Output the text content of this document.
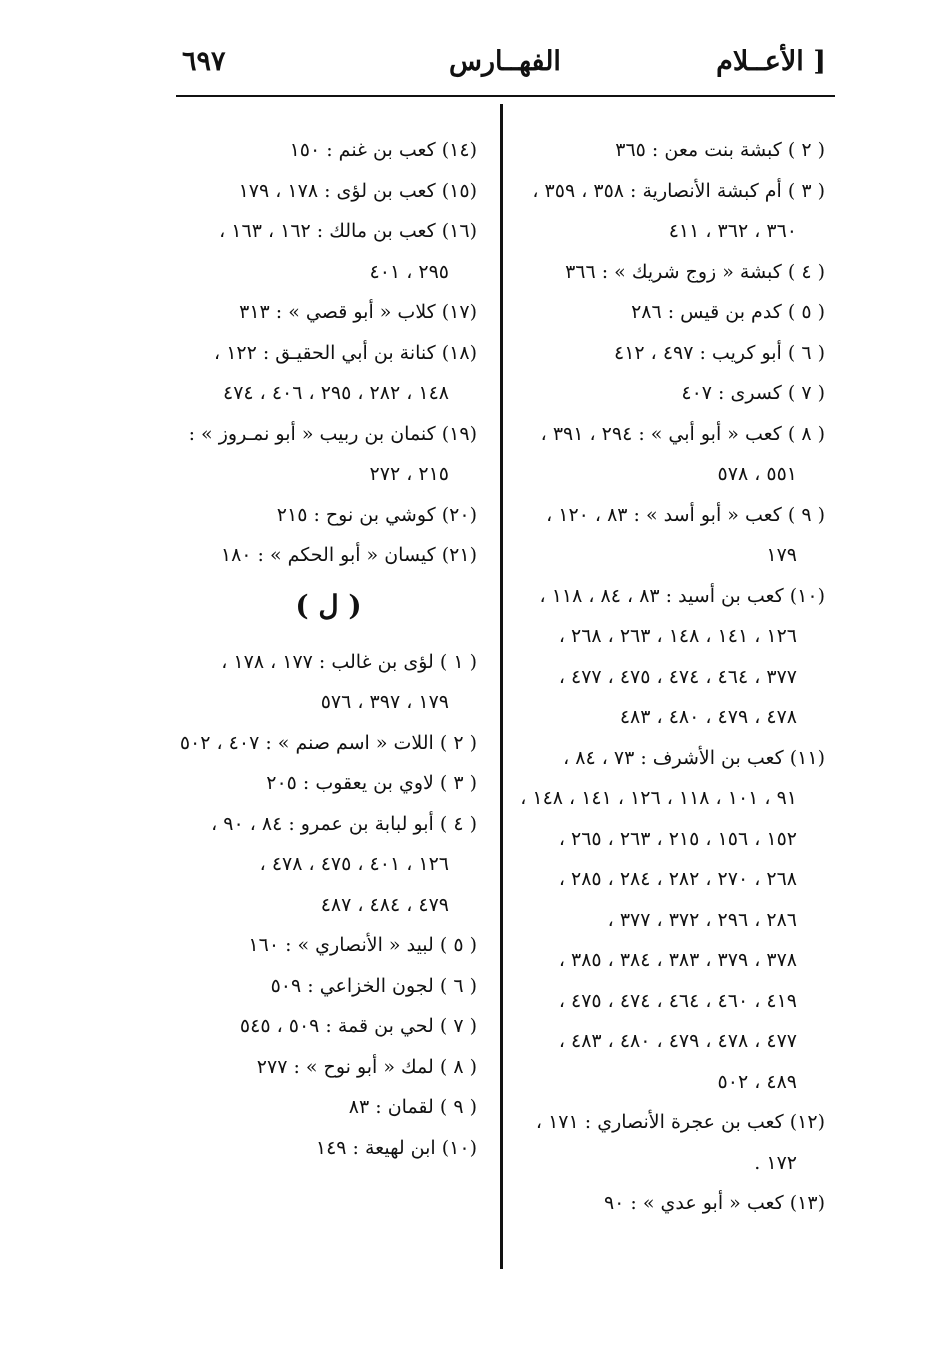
الأعــلام ]
الفهــارس
٦٩٧
( ٢ ) كبشة بنت معن : ٣٦٥
( ٣ ) أم كبشة الأنصارية : ٣٥٨ ، ٣٥٩ ،
٣٦٠ ، ٣٦٢ ، ٤١١
( ٤ ) كبشة « زوج شريك » : ٣٦٦
( ٥ ) كدم بن قيس : ٢٨٦
( ٦ ) أبو كريب : ٤٩٧ ، ٤١٢
( ٧ ) كسرى : ٤٠٧
( ٨ ) كعب « أبو أبي » : ٢٩٤ ، ٣٩١ ،
٥٥١ ، ٥٧٨
( ٩ ) كعب « أبو أسد » : ٨٣ ، ١٢٠ ،
١٧٩
(١٠) كعب بن أسيد : ٨٣ ، ٨٤ ، ١١٨ ،
١٢٦ ، ١٤١ ، ١٤٨ ، ٢٦٣ ، ٢٦٨ ،
٣٧٧ ، ٤٦٤ ، ٤٧٤ ، ٤٧٥ ، ٤٧٧ ،
٤٧٨ ، ٤٧٩ ، ٤٨٠ ، ٤٨٣
(١١) كعب بن الأشرف : ٧٣ ، ٨٤ ،
٩١ ، ١٠١ ، ١١٨ ، ١٢٦ ، ١٤١ ، ١٤٨ ،
١٥٢ ، ١٥٦ ، ٢١٥ ، ٢٦٣ ، ٢٦٥ ،
٢٦٨ ، ٢٧٠ ، ٢٨٢ ، ٢٨٤ ، ٢٨٥ ،
٢٨٦ ، ٢٩٦ ، ٣٧٢ ، ٣٧٧ ،
٣٧٨ ، ٣٧٩ ، ٣٨٣ ، ٣٨٤ ، ٣٨٥ ،
٤١٩ ، ٤٦٠ ، ٤٦٤ ، ٤٧٤ ، ٤٧٥ ،
٤٧٧ ، ٤٧٨ ، ٤٧٩ ، ٤٨٠ ، ٤٨٣ ،
٤٨٩ ، ٥٠٢
(١٢) كعب بن عجرة الأنصاري : ١٧١ ،
١٧٢ .
(١٣) كعب « أبو عدي » : ٩٠
(١٤) كعب بن غنم : ١٥٠
(١٥) كعب بن لؤى : ١٧٨ ، ١٧٩
(١٦) كعب بن مالك : ١٦٢ ، ١٦٣ ،
٢٩٥ ، ٤٠١
(١٧) كلاب « أبو قصي » : ٣١٣
(١٨) كنانة بن أبي الحقيـق : ١٢٢ ،
١٤٨ ، ٢٨٢ ، ٢٩٥ ، ٤٠٦ ، ٤٧٤
(١٩) كنمان بن ربيب « أبو نمـروز » :
٢١٥ ، ٢٧٢
(٢٠) كوشي بن نوح : ٢١٥
(٢١) كيسان « أبو الحكم » : ١٨٠
( ل )
( ١ ) لؤى بن غالب : ١٧٧ ، ١٧٨ ،
١٧٩ ، ٣٩٧ ، ٥٧٦
( ٢ ) اللات « اسم صنم » : ٤٠٧ ، ٥٠٢
( ٣ ) لاوي بن يعقوب : ٢٠٥
( ٤ ) أبو لبابة بن عمرو : ٨٤ ، ٩٠ ،
١٢٦ ، ٤٠١ ، ٤٧٥ ، ٤٧٨ ،
٤٧٩ ، ٤٨٤ ، ٤٨٧
( ٥ ) لبيد « الأنصاري » : ١٦٠
( ٦ ) لجون الخزاعي : ٥٠٩
( ٧ ) لحي بن قمة : ٥٠٩ ، ٥٤٥
( ٨ ) لمك « أبو نوح » : ٢٧٧
( ٩ ) لقمان : ٨٣
(١٠) ابن لهيعة : ١٤٩
